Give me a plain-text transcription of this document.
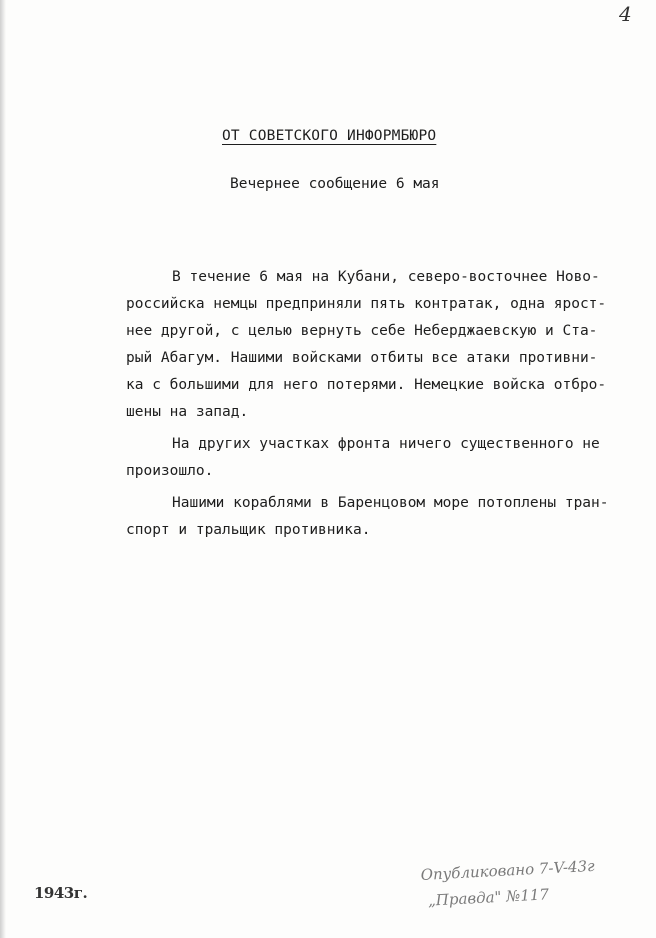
4
ОТ СОВЕТСКОГО ИНФОРМБЮРО
Вечернее сообщение 6 мая
В течение 6 мая на Кубани, северо-восточнее Ново-
российска немцы предприняли пять контратак, одна ярост-
нее другой, с целью вернуть себе Неберджаевскую и Ста-
рый Абагум. Нашими войсками отбиты все атаки противни-
ка с большими для него потерями. Немецкие войска отбро-
шены на запад.
На других участках фронта ничего существенного не
произошло.
Нашими кораблями в Баренцовом море потоплены тран-
спорт и тральщик противника.
1943г.
Опубликовано 7-V-43г
„Правда" №117
